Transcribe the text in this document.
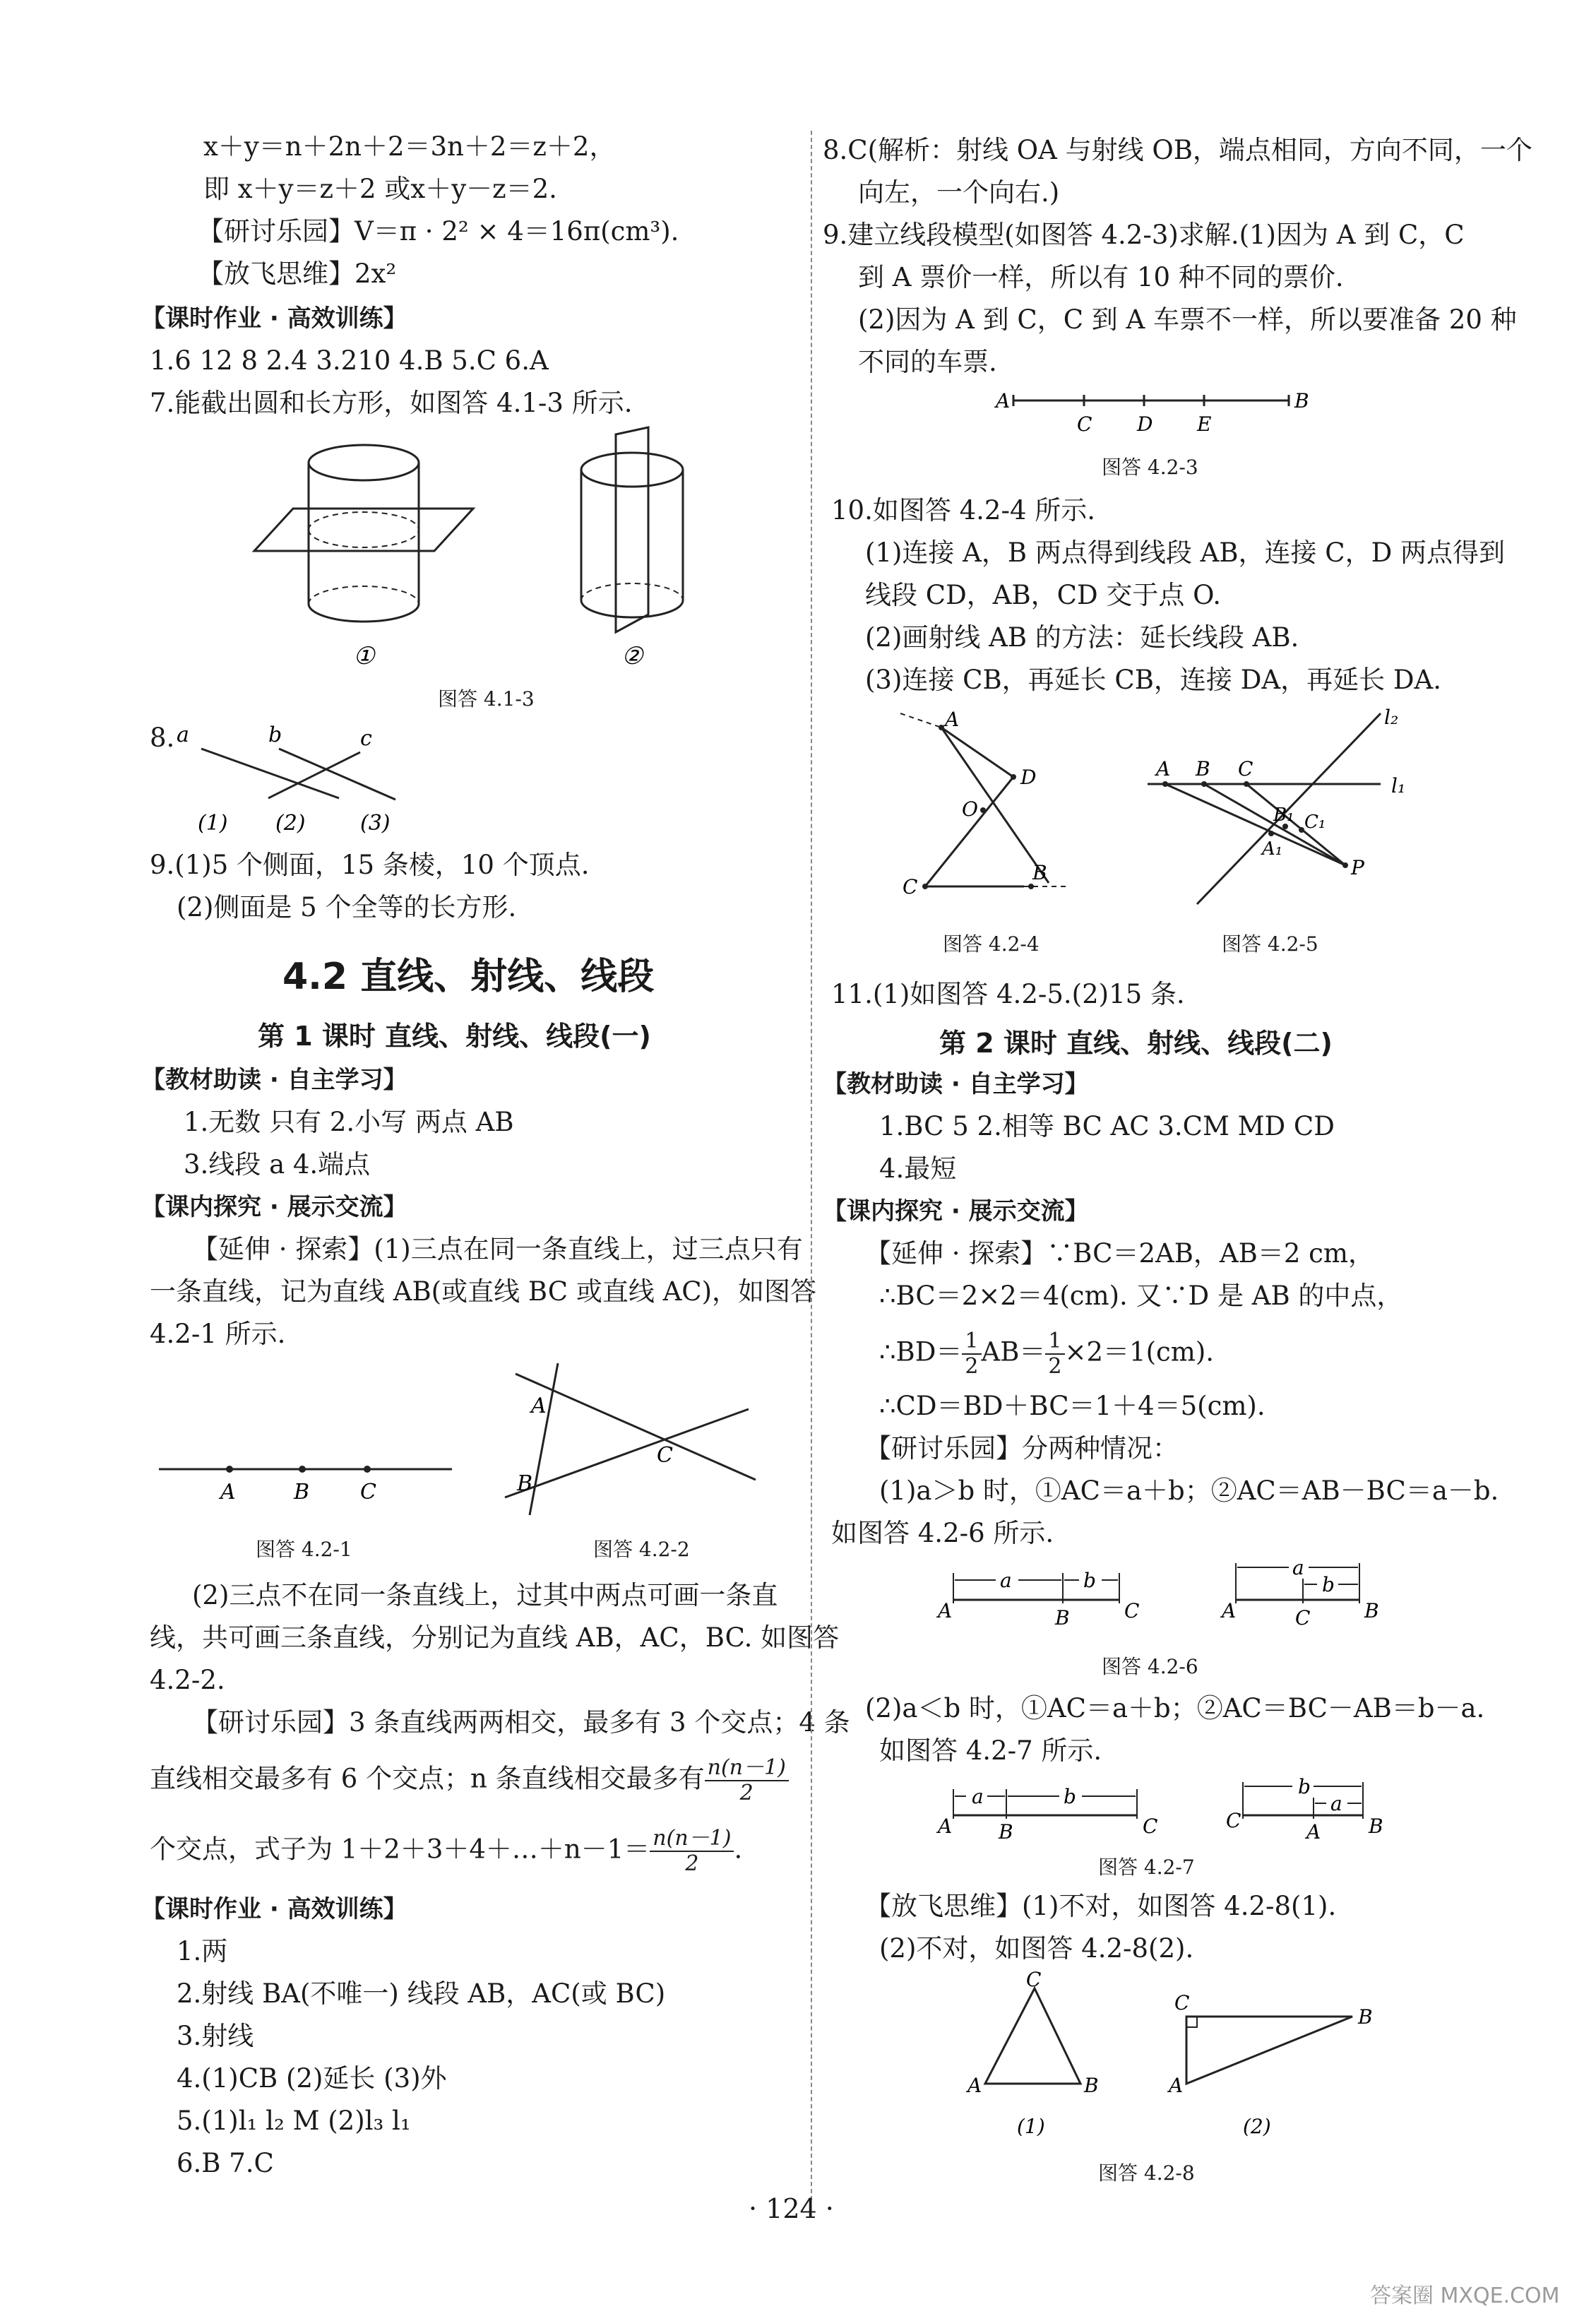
x＋y＝n＋2n＋2＝3n＋2＝z＋2，
即 x＋y＝z＋2 或x＋y－z＝2.
【研讨乐园】V＝π · 2² × 4＝16π(cm³).
【放飞思维】2x²
【课时作业 · 高效训练】
1.6 12 8 2.4 3.210 4.B 5.C 6.A
7.能截出圆和长方形，如图答 4.1-3 所示.
①	②
图答 4.1-3
8. a	b	c
(1) (2)	(3)
9.(1)5 个侧面，15 条棱，10 个顶点.
(2)侧面是 5 个全等的长方形.
4.2 直线、射线、线段
第 1 课时 直线、射线、线段(一)
【教材助读 · 自主学习】
1.无数 只有 2.小写 两点 AB
3.线段 a 4.端点
【课内探究 · 展示交流】
【延伸 · 探索】(1)三点在同一条直线上，过三点只有
一条直线，记为直线 AB(或直线 BC 或直线 AC)，如图答
4.2-1 所示.
A	B C
图答 4.2-1
A
B
C
图答 4.2-2
(2)三点不在同一条直线上，过其中两点可画一条直
线，共可画三条直线，分别记为直线 AB，AC，BC. 如图答
4.2-2.
【研讨乐园】3 条直线两两相交，最多有 3 个交点；4 条
直线相交最多有 6 个交点；n 条直线相交最多有 $\frac{n(n-1)}{2}$
个交点，式子为 1＋2＋3＋4＋…＋n－1＝ $\frac{n(n-1)}{2}$ .
【课时作业 · 高效训练】
1.两
2.射线 BA(不唯一) 线段 AB，AC(或 BC)
3.射线
4.(1)CB (2)延长 (3)外
5.(1)l₁ l₂ M (2)l₃ l₁
6.B 7.C
8.C(解析：射线 OA 与射线 OB，端点相同，方向不同，一个
向左，一个向右.)
9.建立线段模型(如图答 4.2-3)求解.(1)因为 A 到 C，C
到 A 票价一样，所以有 10 种不同的票价.
(2)因为 A 到 C，C 到 A 车票不一样，所以要准备 20 种
不同的车票.
A
C D E
B
图答 4.2-3
10.如图答 4.2-4 所示.
(1)连接 A，B 两点得到线段 AB，连接 C，D 两点得到
线段 CD，AB，CD 交于点 O.
(2)画射线 AB 的方法：延长线段 AB.
(3)连接 CB，再延长 CB，连接 DA，再延长 DA.
A
D
O
C
B
图答 4.2-4
A B C
l₁
l₂
B₁ C₁
A₁
P
图答 4.2-5
11.(1)如图答 4.2-5.(2)15 条.
第 2 课时 直线、射线、线段(二)
【教材助读 · 自主学习】
1.BC 5 2.相等 BC AC 3.CM MD CD
4.最短
【课内探究 · 展示交流】
【延伸 · 探索】∵BC＝2AB，AB＝2 cm，
∴BC＝2×2＝4(cm). 又∵D 是 AB 的中点，
∴BD＝ $\frac{1}{2} AB= \frac{1}{2} \times 2=1(cm)$.
∴CD＝BD＋BC＝1＋4＝5(cm).
【研讨乐园】分两种情况：
(1)a＞b 时，①AC＝a＋b；②AC＝AB－BC＝a－b.
如图答 4.2-6 所示.
a	b
A	B	C
a
b
A	C	B
图答 4.2-6
(2)a＜b 时，①AC＝a＋b；②AC＝BC－AB＝b－a.
如图答 4.2-7 所示.
a	b
A B	C
b
a
C	A B
图答 4.2-7
【放飞思维】(1)不对，如图答 4.2-8(1).
(2)不对，如图答 4.2-8(2).
C
A	B
(1)
C
A
B
(2)
图答 4.2-8
· 124 ·
答案圈 MXQE.COM
